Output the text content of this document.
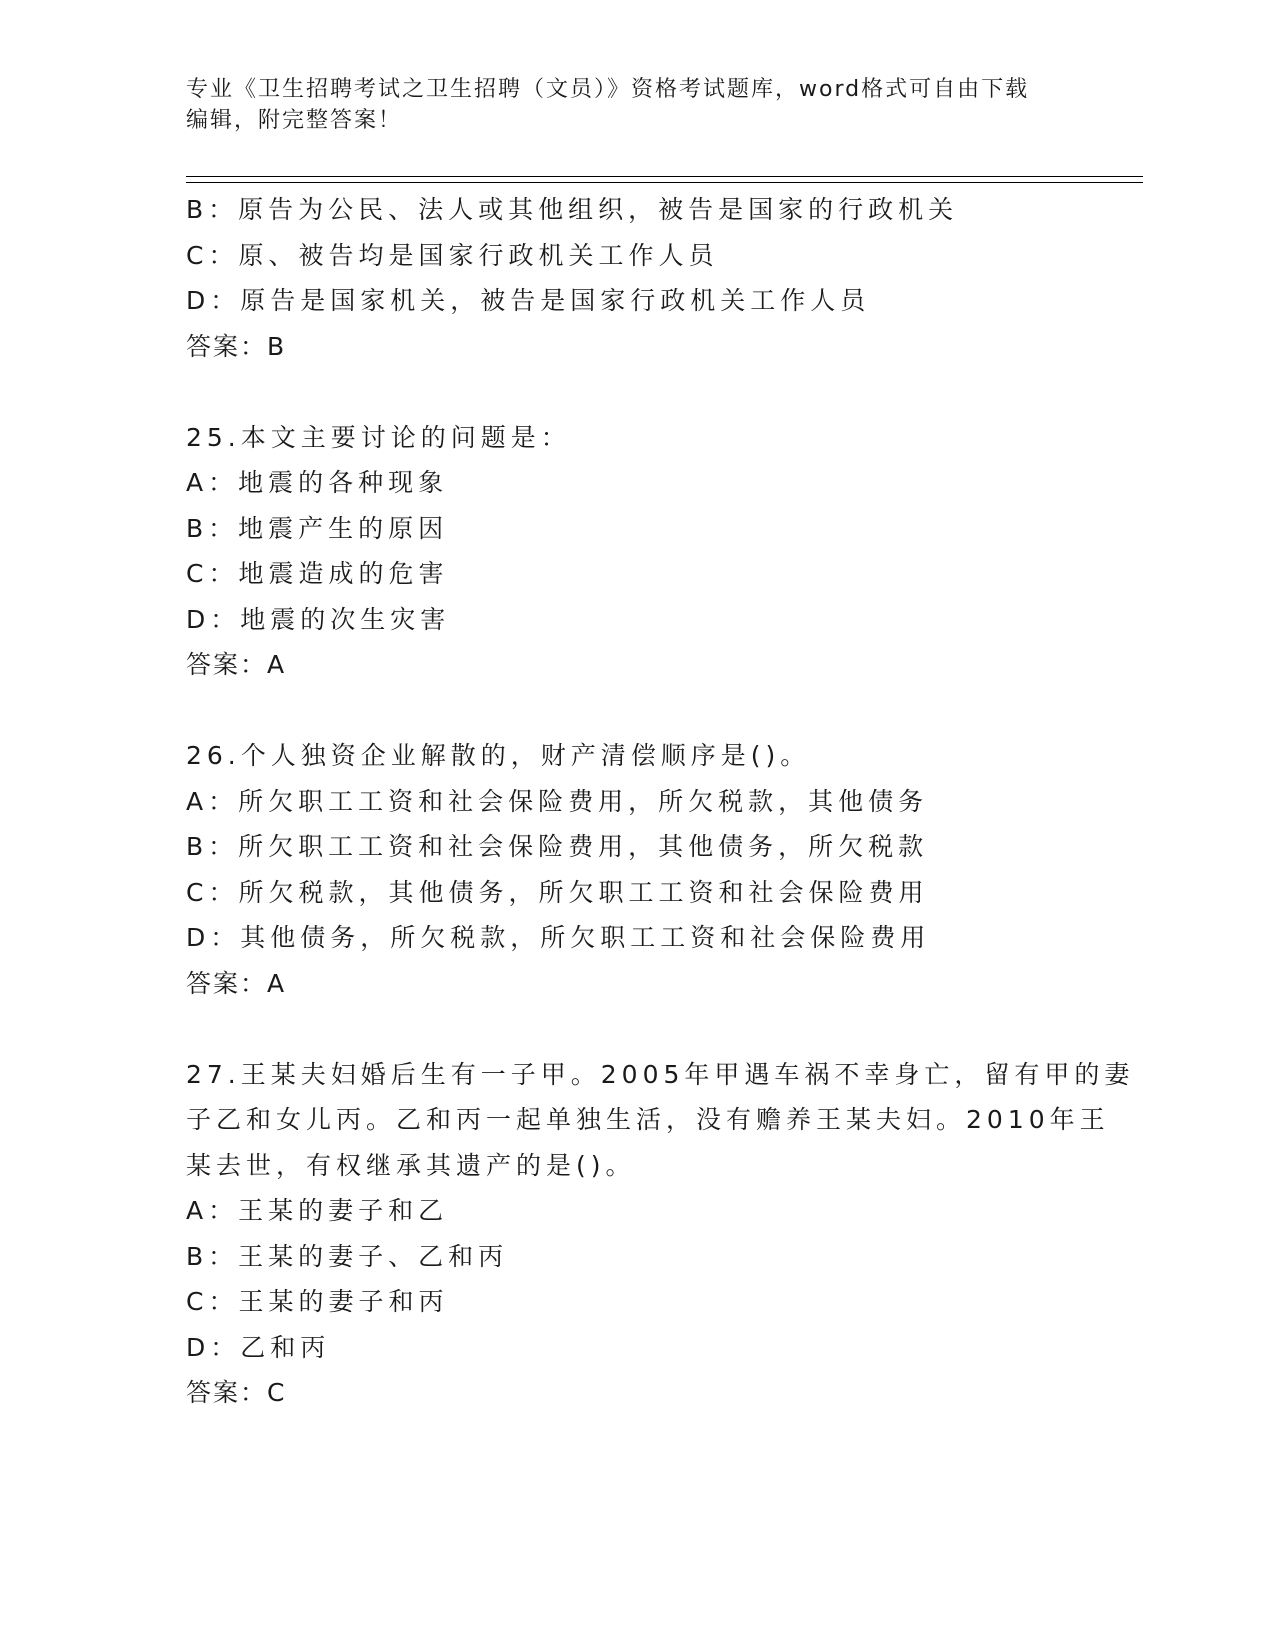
专业《卫生招聘考试之卫生招聘（文员）》资格考试题库，word格式可自由下载
编辑，附完整答案！
B：原告为公民、法人或其他组织，被告是国家的行政机关
C：原、被告均是国家行政机关工作人员
D：原告是国家机关，被告是国家行政机关工作人员
答案：B
25.本文主要讨论的问题是：
A：地震的各种现象
B：地震产生的原因
C：地震造成的危害
D：地震的次生灾害
答案：A
26.个人独资企业解散的，财产清偿顺序是()。
A：所欠职工工资和社会保险费用，所欠税款，其他债务
B：所欠职工工资和社会保险费用，其他债务，所欠税款
C：所欠税款，其他债务，所欠职工工资和社会保险费用
D：其他债务，所欠税款，所欠职工工资和社会保险费用
答案：A
27.王某夫妇婚后生有一子甲。2005年甲遇车祸不幸身亡，留有甲的妻
子乙和女儿丙。乙和丙一起单独生活，没有赡养王某夫妇。2010年王
某去世，有权继承其遗产的是()。
A：王某的妻子和乙
B：王某的妻子、乙和丙
C：王某的妻子和丙
D：乙和丙
答案：C
